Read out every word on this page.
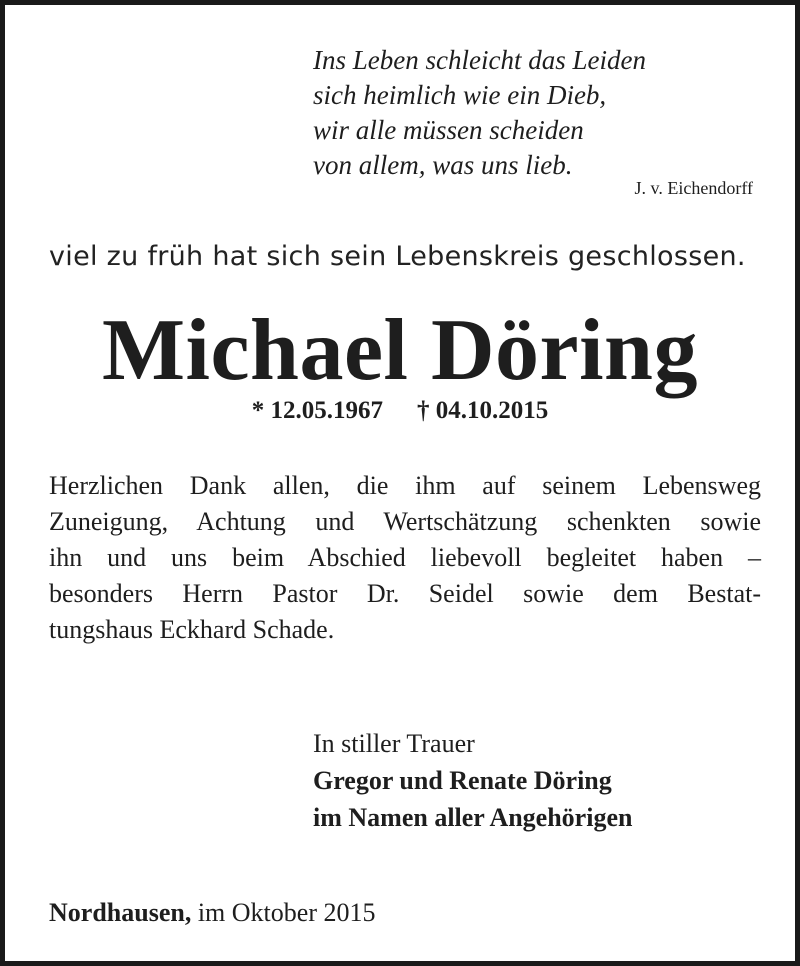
Ins Leben schleicht das Leiden
sich heimlich wie ein Dieb,
wir alle müssen scheiden
von allem, was uns lieb.
J. v. Eichendorff
viel zu früh hat sich sein Lebenskreis geschlossen.
Michael Döring
* 12.05.1967 † 04.10.2015
Herzlichen Dank allen, die ihm auf seinem Lebensweg
Zuneigung, Achtung und Wertschätzung schenkten sowie
ihn und uns beim Abschied liebevoll begleitet haben –
besonders Herrn Pastor Dr. Seidel sowie dem Bestat-
tungshaus Eckhard Schade.
In stiller Trauer
Gregor und Renate Döring
im Namen aller Angehörigen
Nordhausen, im Oktober 2015
